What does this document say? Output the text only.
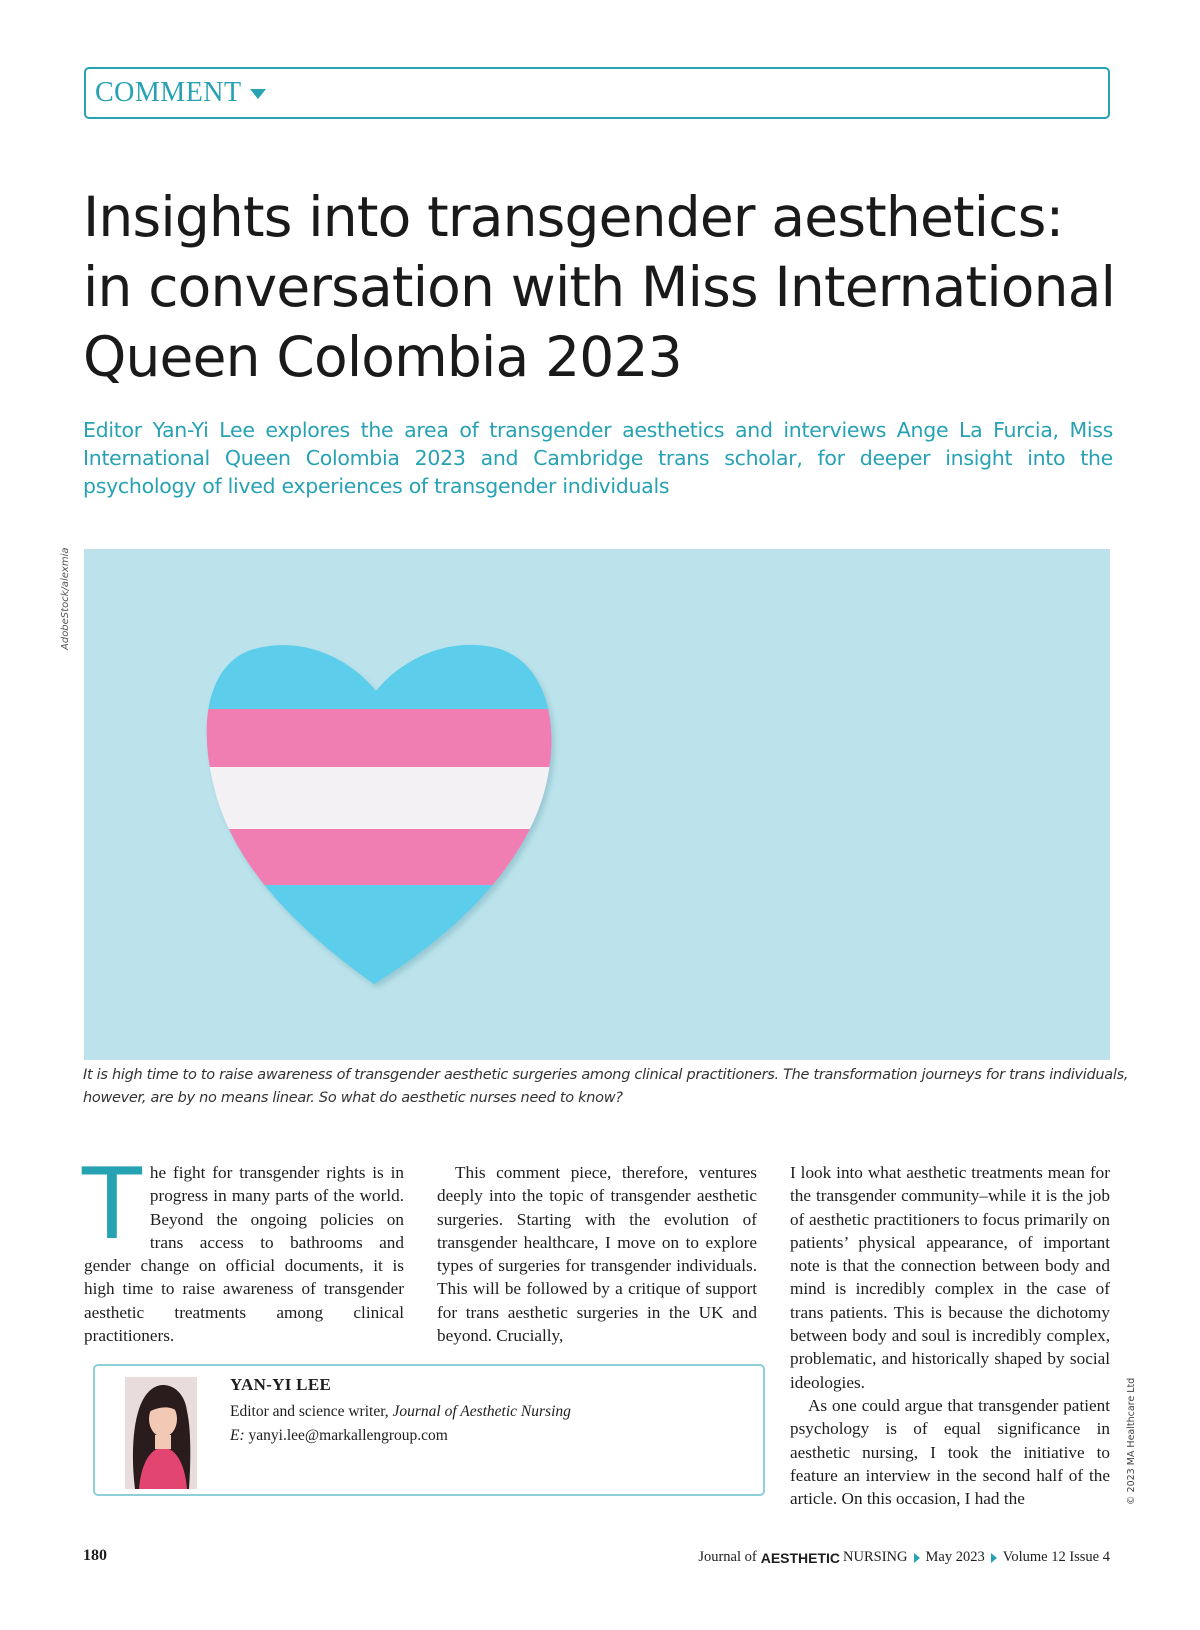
COMMENT
Insights into transgender aesthetics:
in conversation with Miss International
Queen Colombia 2023
Editor Yan-Yi Lee explores the area of transgender aesthetics and interviews Ange La Furcia, Miss International Queen Colombia 2023 and Cambridge trans scholar, for deeper insight into the psychology of lived experiences of transgender individuals
AdobeStock/alexmia
It is high time to to raise awareness of transgender aesthetic surgeries among clinical practitioners. The transformation journeys for trans individuals,
however, are by no means linear. So what do aesthetic nurses need to know?
T he fight for transgender rights is in progress in many parts of the world. Beyond the ongoing policies on trans access to bathrooms and gender change on official documents, it is high time to raise awareness of transgender aesthetic treatments among clinical practitioners.

This comment piece, therefore, ventures deeply into the topic of transgender aesthetic surgeries. Starting with the evolution of transgender healthcare, I move on to explore types of surgeries for transgender individuals. This will be followed by a critique of support for trans aesthetic surgeries in the UK and beyond. Crucially,

I look into what aesthetic treatments mean for the transgender community–while it is the job of aesthetic practitioners to focus primarily on patients’ physical appearance, of important note is that the connection between body and mind is incredibly complex in the case of trans patients. This is because the dichotomy between body and soul is incredibly complex, problematic, and historically shaped by social ideologies.

As one could argue that transgender patient psychology is of equal significance in aesthetic nursing, I took the initiative to feature an interview in the second half of the article. On this occasion, I had the

YAN-YI LEE
Editor and science writer, Journal of Aesthetic Nursing
E: yanyi.lee@markallengroup.com	© 2023 MA Healthcare Ltd
180	Journal of AESTHETIC NURSING May 2023 Volume 12 Issue 4
